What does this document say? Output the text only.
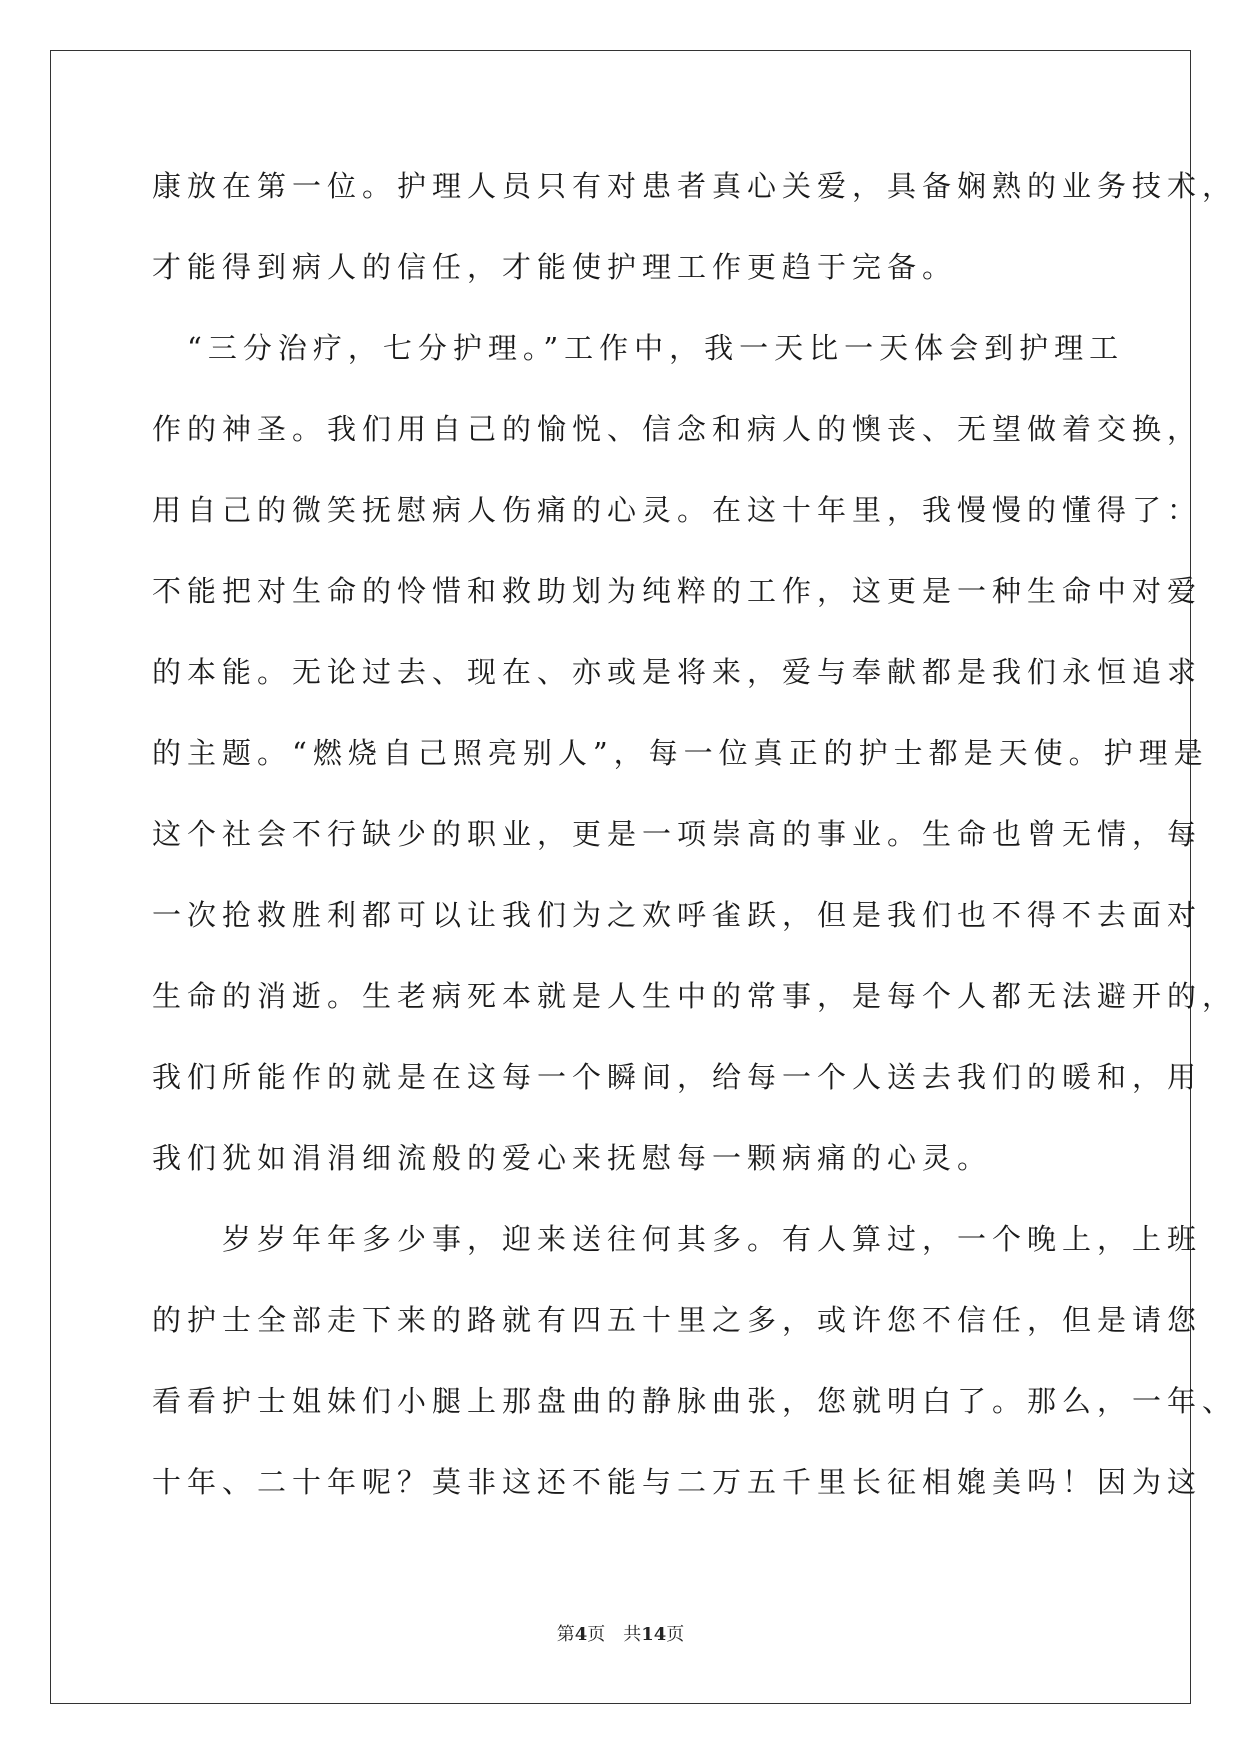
康放在第一位。护理人员只有对患者真心关爱，具备娴熟的业务技术，
才能得到病人的信任，才能使护理工作更趋于完备。
　“三分治疗，七分护理。”工作中，我一天比一天体会到护理工
作的神圣。我们用自己的愉悦、信念和病人的懊丧、无望做着交换，
用自己的微笑抚慰病人伤痛的心灵。在这十年里，我慢慢的懂得了：
不能把对生命的怜惜和救助划为纯粹的工作，这更是一种生命中对爱
的本能。无论过去、现在、亦或是将来，爱与奉献都是我们永恒追求
的主题。“燃烧自己照亮别人”，每一位真正的护士都是天使。护理是
这个社会不行缺少的职业，更是一项崇高的事业。生命也曾无情，每
一次抢救胜利都可以让我们为之欢呼雀跃，但是我们也不得不去面对
生命的消逝。生老病死本就是人生中的常事，是每个人都无法避开的，
我们所能作的就是在这每一个瞬间，给每一个人送去我们的暖和，用
我们犹如涓涓细流般的爱心来抚慰每一颗病痛的心灵。
　　岁岁年年多少事，迎来送往何其多。有人算过，一个晚上，上班
的护士全部走下来的路就有四五十里之多，或许您不信任，但是请您
看看护士姐妹们小腿上那盘曲的静脉曲张，您就明白了。那么，一年、
十年、二十年呢？莫非这还不能与二万五千里长征相媲美吗！因为这
第4页 共14页
